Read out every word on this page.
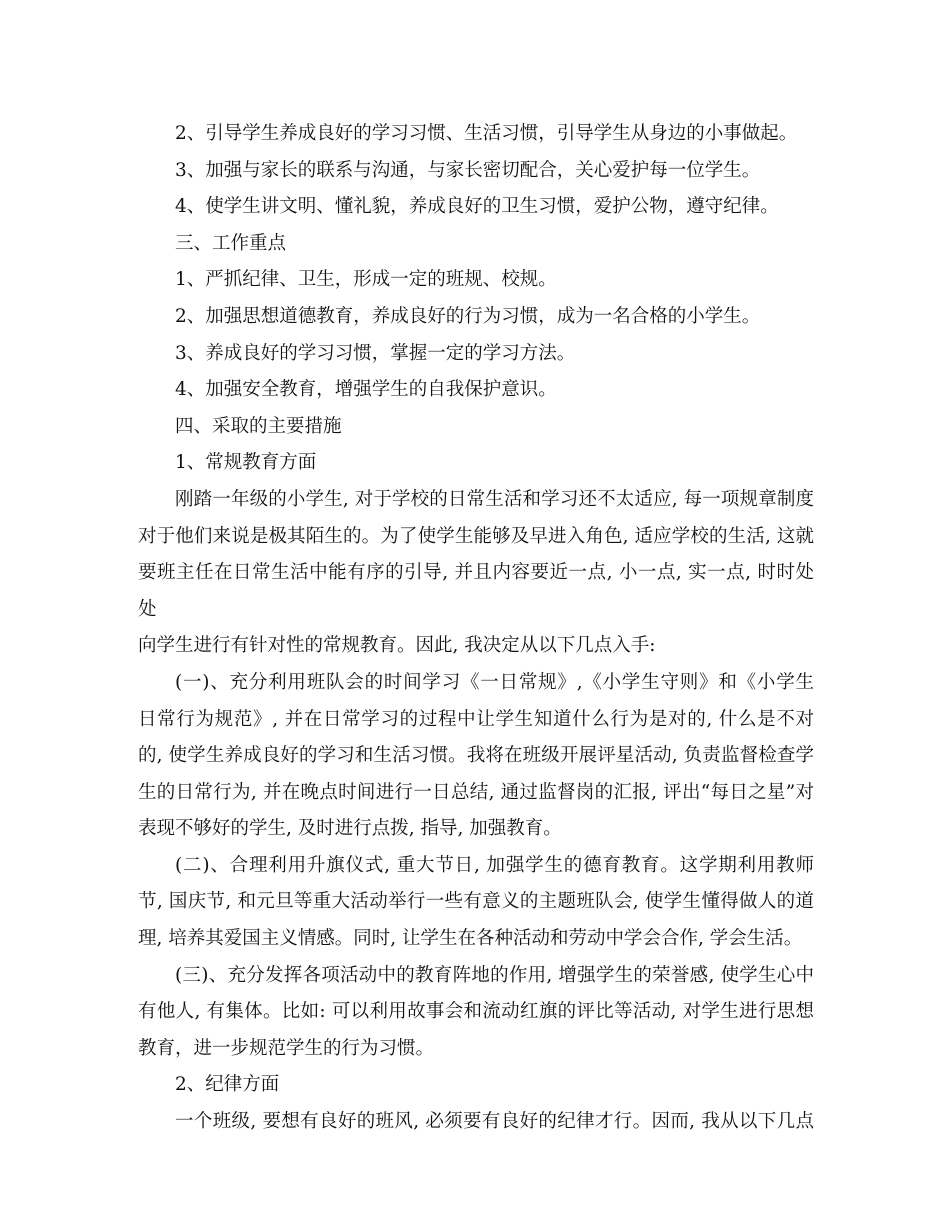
2、引导学生养成良好的学习习惯、生活习惯，引导学生从身边的小事做起。

3、加强与家长的联系与沟通，与家长密切配合，关心爱护每一位学生。

4、使学生讲文明、懂礼貌，养成良好的卫生习惯，爱护公物，遵守纪律。

三、工作重点

1、严抓纪律、卫生，形成一定的班规、校规。

2、加强思想道德教育，养成良好的行为习惯，成为一名合格的小学生。

3、养成良好的学习习惯，掌握一定的学习方法。

4、加强安全教育，增强学生的自我保护意识。

四、采取的主要措施

1、常规教育方面

刚踏一年级的小学生, 对于学校的日常生活和学习还不太适应, 每一项规章制度

对于他们来说是极其陌生的。为了使学生能够及早进入角色, 适应学校的生活, 这就

要班主任在日常生活中能有序的引导, 并且内容要近一点, 小一点, 实一点, 时时处处

向学生进行有针对性的常规教育。因此, 我决定从以下几点入手:

(一)、充分利用班队会的时间学习《一日常规》,《小学生守则》和《小学生

日常行为规范》, 并在日常学习的过程中让学生知道什么行为是对的, 什么是不对

的, 使学生养成良好的学习和生活习惯。我将在班级开展评星活动, 负责监督检查学

生的日常行为, 并在晚点时间进行一日总结, 通过监督岗的汇报, 评出“每日之星”对

表现不够好的学生, 及时进行点拨, 指导, 加强教育。

(二)、合理利用升旗仪式, 重大节日, 加强学生的德育教育。这学期利用教师

节, 国庆节, 和元旦等重大活动举行一些有意义的主题班队会, 使学生懂得做人的道

理, 培养其爱国主义情感。同时, 让学生在各种活动和劳动中学会合作, 学会生活。

(三)、充分发挥各项活动中的教育阵地的作用, 增强学生的荣誉感, 使学生心中

有他人, 有集体。比如: 可以利用故事会和流动红旗的评比等活动, 对学生进行思想

教育，进一步规范学生的行为习惯。

2、纪律方面

一个班级, 要想有良好的班风, 必须要有良好的纪律才行。因而, 我从以下几点
